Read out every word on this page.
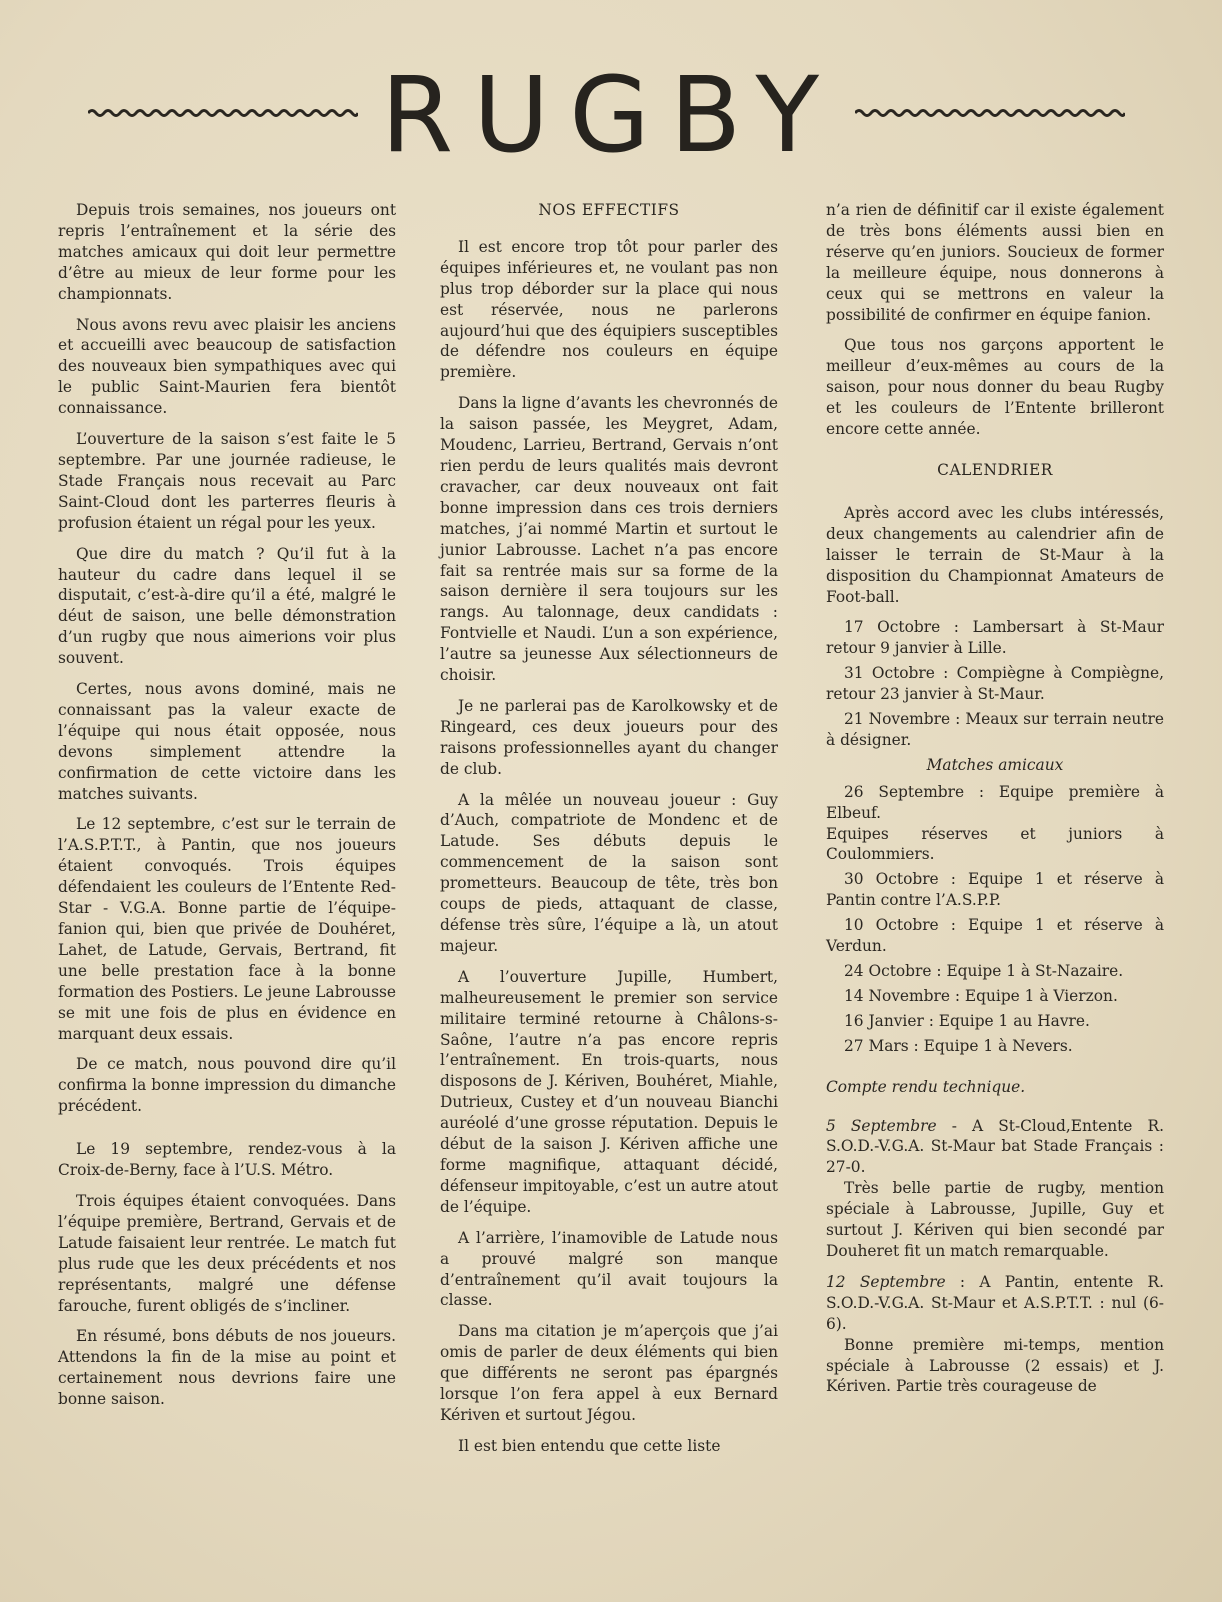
RUGBY

Depuis trois semaines, nos joueurs ont repris l’entraînement et la série des matches amicaux qui doit leur permettre d’être au mieux de leur forme pour les championnats.

Nous avons revu avec plaisir les anciens et accueilli avec beaucoup de satisfaction des nouveaux bien sympathiques avec qui le public Saint-Maurien fera bientôt connaissance.

L’ouverture de la saison s’est faite le 5 septembre. Par une journée radieuse, le Stade Français nous recevait au Parc Saint-Cloud dont les parterres fleuris à profusion étaient un régal pour les yeux.

Que dire du match ? Qu’il fut à la hauteur du cadre dans lequel il se disputait, c’est-à-dire qu’il a été, malgré le déut de saison, une belle démonstration d’un rugby que nous aimerions voir plus souvent.

Certes, nous avons dominé, mais ne connaissant pas la valeur exacte de l’équipe qui nous était opposée, nous devons simplement attendre la confirmation de cette victoire dans les matches suivants.

Le 12 septembre, c’est sur le terrain de l’A.S.P.T.T., à Pantin, que nos joueurs étaient convoqués. Trois équipes défendaient les couleurs de l’Entente Red-Star - V.G.A. Bonne partie de l’équipe-fanion qui, bien que privée de Douhéret, Lahet, de Latude, Gervais, Bertrand, fit une belle prestation face à la bonne formation des Postiers. Le jeune Labrousse se mit une fois de plus en évidence en marquant deux essais.

De ce match, nous pouvond dire qu’il confirma la bonne impression du dimanche précédent.

Le 19 septembre, rendez-vous à la Croix-de-Berny, face à l’U.S. Métro.

Trois équipes étaient convoquées. Dans l’équipe première, Bertrand, Gervais et de Latude faisaient leur rentrée. Le match fut plus rude que les deux précédents et nos représentants, malgré une défense farouche, furent obligés de s’incliner.

En résumé, bons débuts de nos joueurs. Attendons la fin de la mise au point et certainement nous devrions faire une bonne saison.

NOS EFFECTIFS

Il est encore trop tôt pour parler des équipes inférieures et, ne voulant pas non plus trop déborder sur la place qui nous est réservée, nous ne parlerons aujourd’hui que des équipiers susceptibles de défendre nos couleurs en équipe première.

Dans la ligne d’avants les chevronnés de la saison passée, les Meygret, Adam, Moudenc, Larrieu, Bertrand, Gervais n’ont rien perdu de leurs qualités mais devront cravacher, car deux nouveaux ont fait bonne impression dans ces trois derniers matches, j’ai nommé Martin et surtout le junior Labrousse. Lachet n’a pas encore fait sa rentrée mais sur sa forme de la saison dernière il sera toujours sur les rangs. Au talonnage, deux candidats : Fontvielle et Naudi. L’un a son expérience, l’autre sa jeunesse Aux sélectionneurs de choisir.

Je ne parlerai pas de Karolkowsky et de Ringeard, ces deux joueurs pour des raisons professionnelles ayant du changer de club.

A la mêlée un nouveau joueur : Guy d’Auch, compatriote de Mondenc et de Latude. Ses débuts depuis le commencement de la saison sont prometteurs. Beaucoup de tête, très bon coups de pieds, attaquant de classe, défense très sûre, l’équipe a là, un atout majeur.

A l’ouverture Jupille, Humbert, malheureusement le premier son service militaire terminé retourne à Châlons-s-Saône, l’autre n’a pas encore repris l’entraînement. En trois-quarts, nous disposons de J. Kériven, Bouhéret, Miahle, Dutrieux, Custey et d’un nouveau Bianchi auréolé d’une grosse réputation. Depuis le début de la saison J. Kériven affiche une forme magnifique, attaquant décidé, défenseur impitoyable, c’est un autre atout de l’équipe.

A l’arrière, l’inamovible de Latude nous a prouvé malgré son manque d’entraînement qu’il avait toujours la classe.

Dans ma citation je m’aperçois que j’ai omis de parler de deux éléments qui bien que différents ne seront pas épargnés lorsque l’on fera appel à eux Bernard Kériven et surtout Jégou.

Il est bien entendu que cette liste

n’a rien de définitif car il existe également de très bons éléments aussi bien en réserve qu’en juniors. Soucieux de former la meilleure équipe, nous donnerons à ceux qui se mettrons en valeur la possibilité de confirmer en équipe fanion.

Que tous nos garçons apportent le meilleur d’eux-mêmes au cours de la saison, pour nous donner du beau Rugby et les couleurs de l’Entente brilleront encore cette année.

CALENDRIER

Après accord avec les clubs intéressés, deux changements au calendrier afin de laisser le terrain de St-Maur à la disposition du Championnat Amateurs de Foot-ball.

17 Octobre : Lambersart à St-Maur retour 9 janvier à Lille.

31 Octobre : Compiègne à Compiègne, retour 23 janvier à St-Maur.

21 Novembre : Meaux sur terrain neutre à désigner.

Matches amicaux

26 Septembre : Equipe première à Elbeuf.

Equipes réserves et juniors à Coulommiers.

30 Octobre : Equipe 1 et réserve à Pantin contre l’A.S.P.P.

10 Octobre : Equipe 1 et réserve à Verdun.

24 Octobre : Equipe 1 à St-Nazaire.

14 Novembre : Equipe 1 à Vierzon.

16 Janvier : Equipe 1 au Havre.

27 Mars : Equipe 1 à Nevers.

Compte rendu technique.

5 Septembre - A St-Cloud,Entente R. S.O.D.-V.G.A. St-Maur bat Stade Français : 27-0.

Très belle partie de rugby, mention spéciale à Labrousse, Jupille, Guy et surtout J. Kériven qui bien secondé par Douheret fit un match remarquable.

12 Septembre : A Pantin, entente R. S.O.D.-V.G.A. St-Maur et A.S.P.T.T. : nul (6-6).

Bonne première mi-temps, mention spéciale à Labrousse (2 essais) et J. Kériven. Partie très courageuse de
